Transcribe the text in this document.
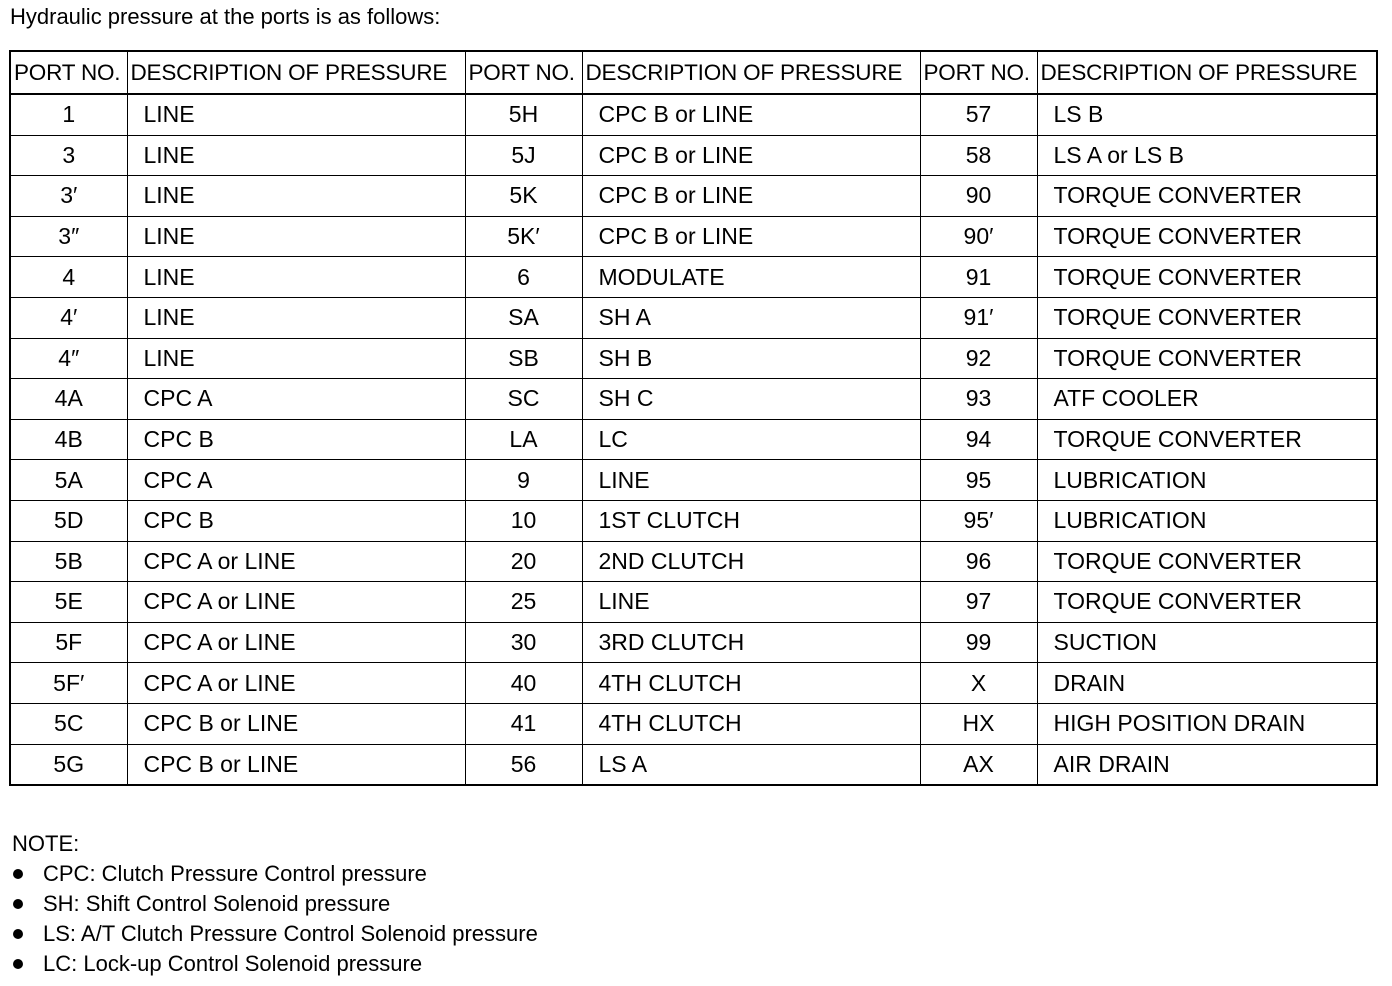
Hydraulic pressure at the ports is as follows:

PORT NO.	DESCRIPTION OF PRESSURE	PORT NO.	DESCRIPTION OF PRESSURE	PORT NO.	DESCRIPTION OF PRESSURE
1	LINE	5H	CPC B or LINE	57	LS B
3	LINE	5J	CPC B or LINE	58	LS A or LS B
3′	LINE	5K	CPC B or LINE	90	TORQUE CONVERTER
3″	LINE	5K′	CPC B or LINE	90′	TORQUE CONVERTER
4	LINE	6	MODULATE	91	TORQUE CONVERTER
4′	LINE	SA	SH A	91′	TORQUE CONVERTER
4″	LINE	SB	SH B	92	TORQUE CONVERTER
4A	CPC A	SC	SH C	93	ATF COOLER
4B	CPC B	LA	LC	94	TORQUE CONVERTER
5A	CPC A	9	LINE	95	LUBRICATION
5D	CPC B	10	1ST CLUTCH	95′	LUBRICATION
5B	CPC A or LINE	20	2ND CLUTCH	96	TORQUE CONVERTER
5E	CPC A or LINE	25	LINE	97	TORQUE CONVERTER
5F	CPC A or LINE	30	3RD CLUTCH	99	SUCTION
5F′	CPC A or LINE	40	4TH CLUTCH	X	DRAIN
5C	CPC B or LINE	41	4TH CLUTCH	HX	HIGH POSITION DRAIN
5G	CPC B or LINE	56	LS A	AX	AIR DRAIN

NOTE:

CPC: Clutch Pressure Control pressure
SH: Shift Control Solenoid pressure
LS: A/T Clutch Pressure Control Solenoid pressure
LC: Lock-up Control Solenoid pressure
